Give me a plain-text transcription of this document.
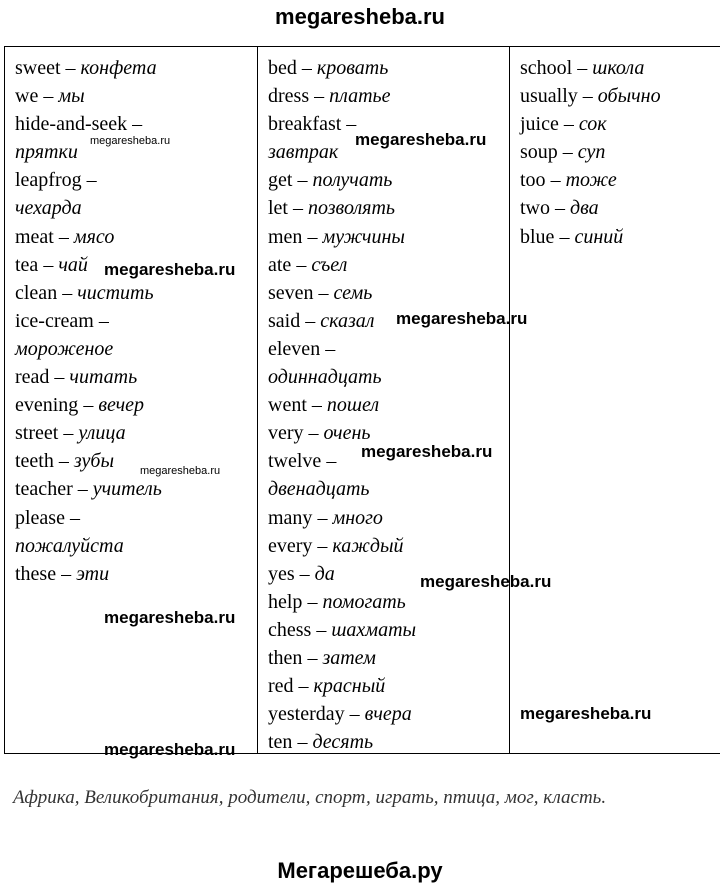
megaresheba.ru
sweet – конфета
we – мы
hide-and-seek –
прятки
leapfrog –
чехарда
meat – мясо
tea – чай
clean – чистить
ice-cream –
мороженое
read – читать
evening – вечер
street – улица
teeth – зубы
teacher – учитель
please –
пожалуйста
these – эти
bed – кровать
dress – платье
breakfast –
завтрак
get – получать
let – позволять
men – мужчины
ate – съел
seven – семь
said – сказал
eleven –
одиннадцать
went – пошел
very – очень
twelve –
двенадцать
many – много
every – каждый
yes – да
help – помогать
chess – шахматы
then – затем
red – красный
yesterday – вчера
ten – десять
school – школа
usually – обычно
juice – сок
soup – суп
too – тоже
two – два
blue – синий
megaresheba.ru	megaresheba.ru
megaresheba.ru
megaresheba.ru
megaresheba.ru
megaresheba.ru
megaresheba.ru
megaresheba.ru
megaresheba.ru
megaresheba.ru
Африка, Великобритания, родители, спорт, играть, птица, мог, класть.
Мегарешеба.ру
